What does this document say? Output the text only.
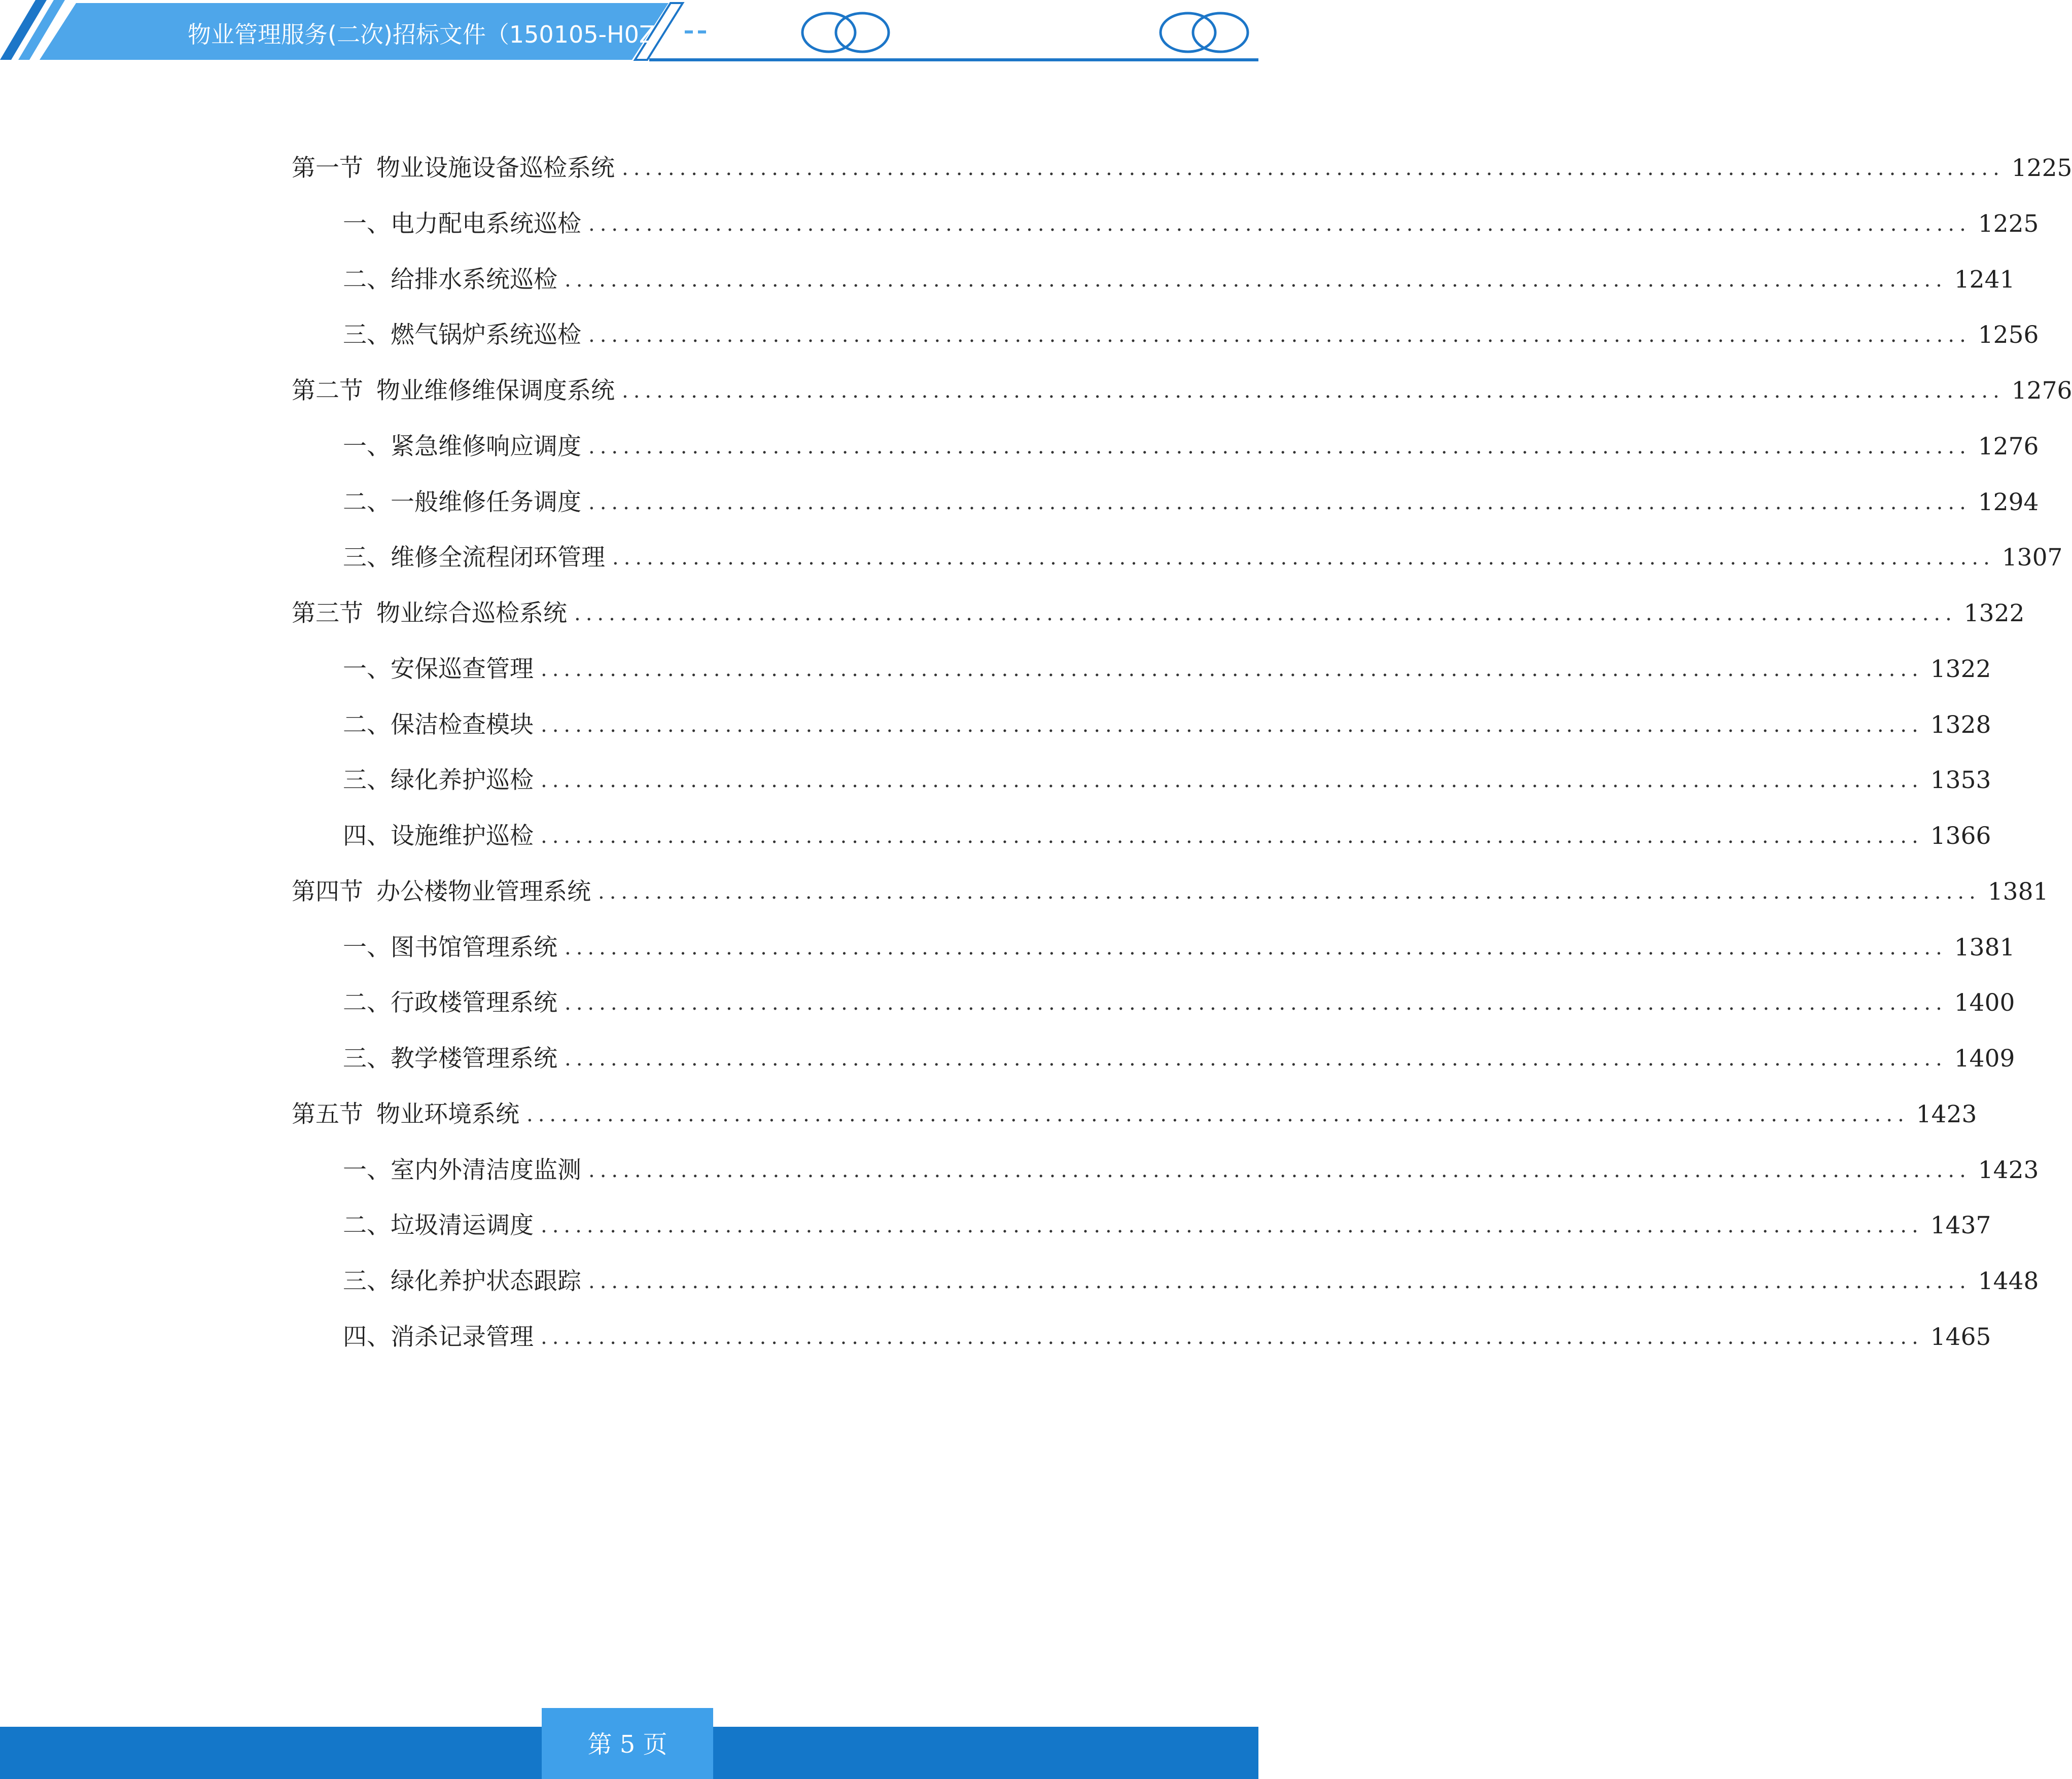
物业管理服务(二次)招标文件（150105-H0Z
第一节 物业设施设备巡检系统 ........................................................................................................................ 1225
一、 电力配电系统巡检 ........................................................................................................................ 1225
二、 给排水系统巡检 ........................................................................................................................ 1241
三、 燃气锅炉系统巡检 ........................................................................................................................ 1256
第二节 物业维修维保调度系统 ........................................................................................................................ 1276
一、 紧急维修响应调度 ........................................................................................................................ 1276
二、 一般维修任务调度 ........................................................................................................................ 1294
三、 维修全流程闭环管理 ........................................................................................................................ 1307
第三节 物业综合巡检系统 ........................................................................................................................ 1322
一、 安保巡查管理 ........................................................................................................................ 1322
二、 保洁检查模块 ........................................................................................................................ 1328
三、 绿化养护巡检 ........................................................................................................................ 1353
四、 设施维护巡检 ........................................................................................................................ 1366
第四节 办公楼物业管理系统 ........................................................................................................................ 1381
一、 图书馆管理系统 ........................................................................................................................ 1381
二、 行政楼管理系统 ........................................................................................................................ 1400
三、 教学楼管理系统 ........................................................................................................................ 1409
第五节 物业环境系统 ........................................................................................................................ 1423
一、 室内外清洁度监测 ........................................................................................................................ 1423
二、 垃圾清运调度 ........................................................................................................................ 1437
三、 绿化养护状态跟踪 ........................................................................................................................ 1448
四、 消杀记录管理 ........................................................................................................................ 1465
第 5 页
